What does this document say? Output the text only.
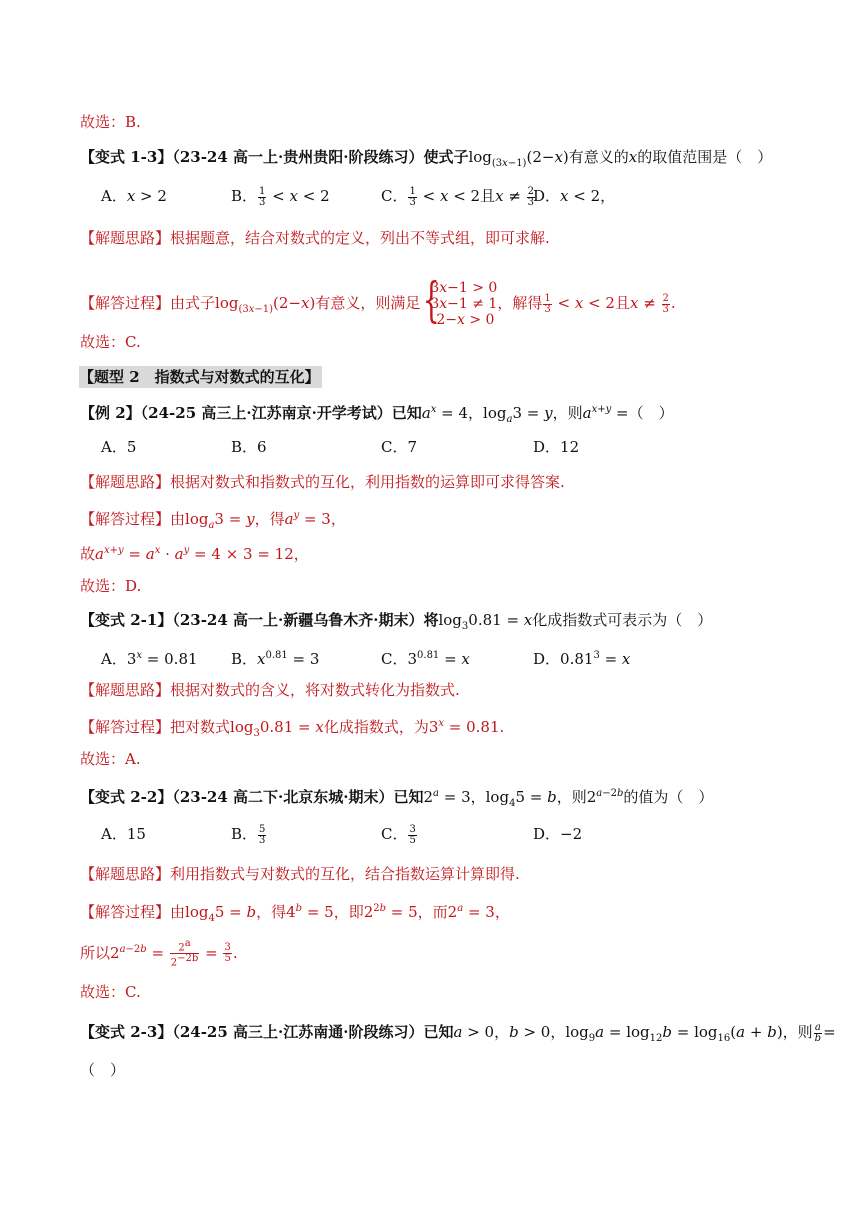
故选：B.
【变式 1-3】（23-24 高一上·贵州贵阳·阶段练习）使式子$\log_{(3x-1)}(2-x)$有意义的𝑥的取值范围是（　）
A．𝑥 > 2	B． $\frac{1}{3} < x < 2$	C． $\frac{1}{3} < x < 2$且$x \ne \frac{2}{3}$
D．𝑥 < 2，
【解题思路】根据题意，结合对数式的定义，列出不等式组，即可求解.
【解答过程】由式子$\log_{(3x-1)}(2-x)$有意义，则满足
{ 3𝑥−1 > 0
3𝑥−1 ≠ 1
2−𝑥 > 0
，解得 $\frac{1}{3} < x < 2$且$x \ne \frac{2}{3}$ .
故选：C.
【题型 2　指数式与对数式的互化】
【例 2】（24-25 高三上·江苏南京·开学考试）已知$a^x = 4$，$\log_a3 = y$，则$a^{x+y}$ =（　）
A．5	B．6	C．7	D．12
【解题思路】根据对数式和指数式的互化，利用指数的运算即可求得答案.
【解答过程】由$\log_a3 = y$，得$a^y = 3$，
故$a^{x+y} = a^x \cdot a^y = 4 \times 3 = 12$，
故选：D.
【变式 2-1】（23-24 高一上·新疆乌鲁木齐·期末）将$\log_30.81 = x$化成指数式可表示为（　）
A．$3^x = 0.81$ B．$x^{0.81} = 3$	C．$3^{0.81} = x$	D．$0.81^3 = x$
【解题思路】根据对数式的含义，将对数式转化为指数式.
【解答过程】把对数式$\log_30.81 = x$化成指数式，为$3^x = 0.81$.
故选：A.
【变式 2-2】（23-24 高二下·北京东城·期末）已知$2^a = 3$，$\log_45 = b$，则$2^{a-2b}$的值为（　）
A．15	B． $\frac{5}{3}$	C． $\frac{3}{5}$	D．−2
【解题思路】利用指数式与对数式的互化，结合指数运算计算即得.
【解答过程】由$\log_45 = b$，得$4^b = 5$，即$2^{2b} = 5$，而$2^a = 3$，
所以$2^{a-2b} = \frac{2^a}{2^{-2b}} = \frac{3}{5}$ .
故选：C.
【变式 2-3】（24-25 高三上·江苏南通·阶段练习）已知a > 0，b > 0，$\log_9a = \log_{12}b = \log_{16}(a + b)$，则 $\frac{a}{b}$ =
（　）
